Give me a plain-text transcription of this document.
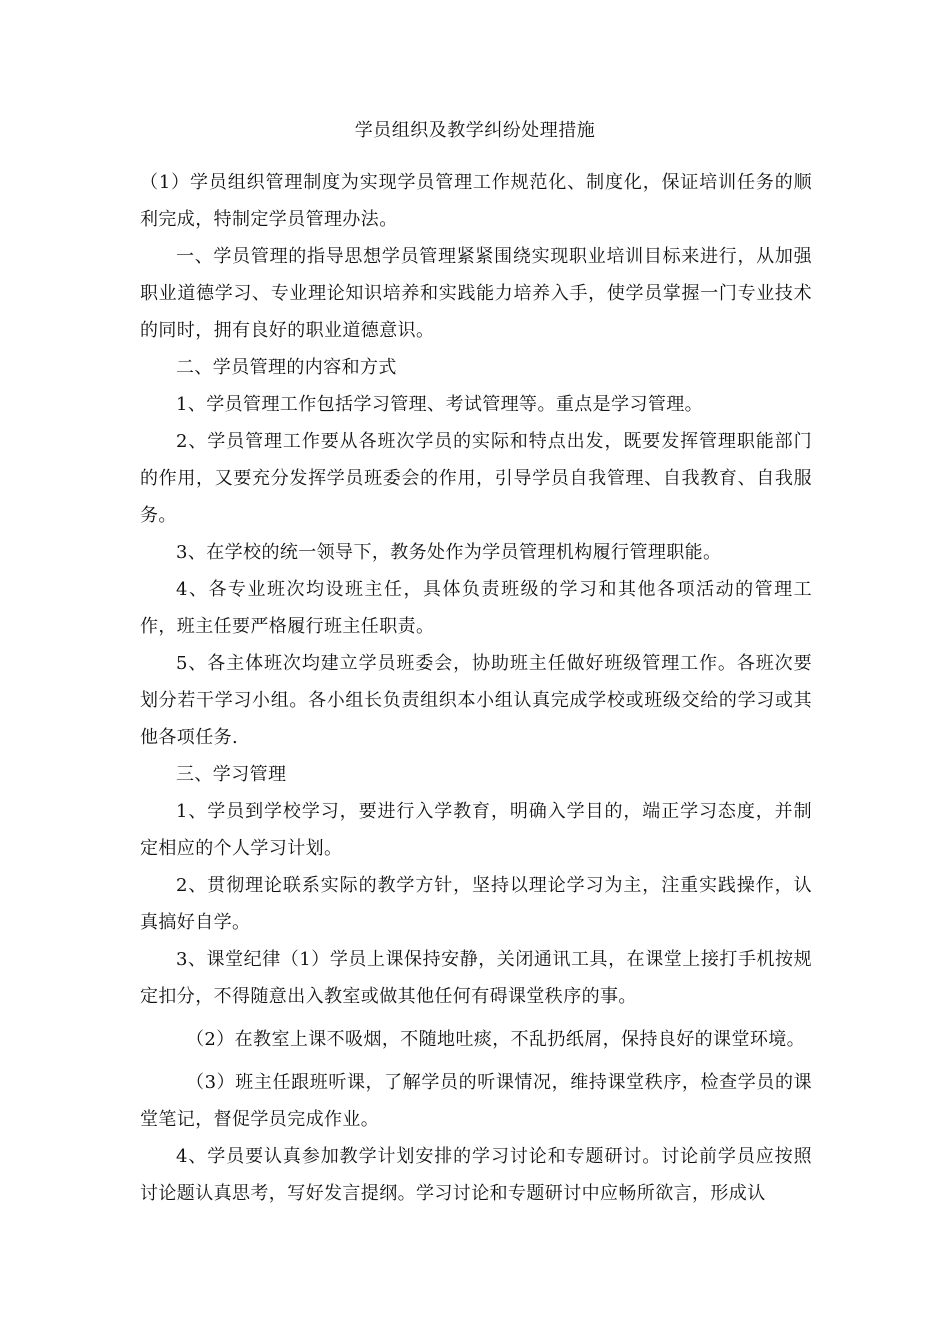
学员组织及教学纠纷处理措施

（1）学员组织管理制度为实现学员管理工作规范化、制度化，保证培训任务的顺利完成，特制定学员管理办法。

一、学员管理的指导思想学员管理紧紧围绕实现职业培训目标来进行，从加强职业道德学习、专业理论知识培养和实践能力培养入手，使学员掌握一门专业技术的同时，拥有良好的职业道德意识。

二、学员管理的内容和方式

1、学员管理工作包括学习管理、考试管理等。重点是学习管理。

2、学员管理工作要从各班次学员的实际和特点出发，既要发挥管理职能部门的作用，又要充分发挥学员班委会的作用，引导学员自我管理、自我教育、自我服务。

3、在学校的统一领导下，教务处作为学员管理机构履行管理职能。

4、各专业班次均设班主任，具体负责班级的学习和其他各项活动的管理工作，班主任要严格履行班主任职责。

5、各主体班次均建立学员班委会，协助班主任做好班级管理工作。各班次要划分若干学习小组。各小组长负责组织本小组认真完成学校或班级交给的学习或其他各项任务.

三、学习管理

1、学员到学校学习，要进行入学教育，明确入学目的，端正学习态度，并制定相应的个人学习计划。

2、贯彻理论联系实际的教学方针，坚持以理论学习为主，注重实践操作，认真搞好自学。

3、课堂纪律（1）学员上课保持安静，关闭通讯工具，在课堂上接打手机按规定扣分，不得随意出入教室或做其他任何有碍课堂秩序的事。

（2）在教室上课不吸烟，不随地吐痰，不乱扔纸屑，保持良好的课堂环境。

（3）班主任跟班听课，了解学员的听课情况，维持课堂秩序，检查学员的课堂笔记，督促学员完成作业。

4、学员要认真参加教学计划安排的学习讨论和专题研讨。讨论前学员应按照讨论题认真思考，写好发言提纲。学习讨论和专题研讨中应畅所欲言，形成认
